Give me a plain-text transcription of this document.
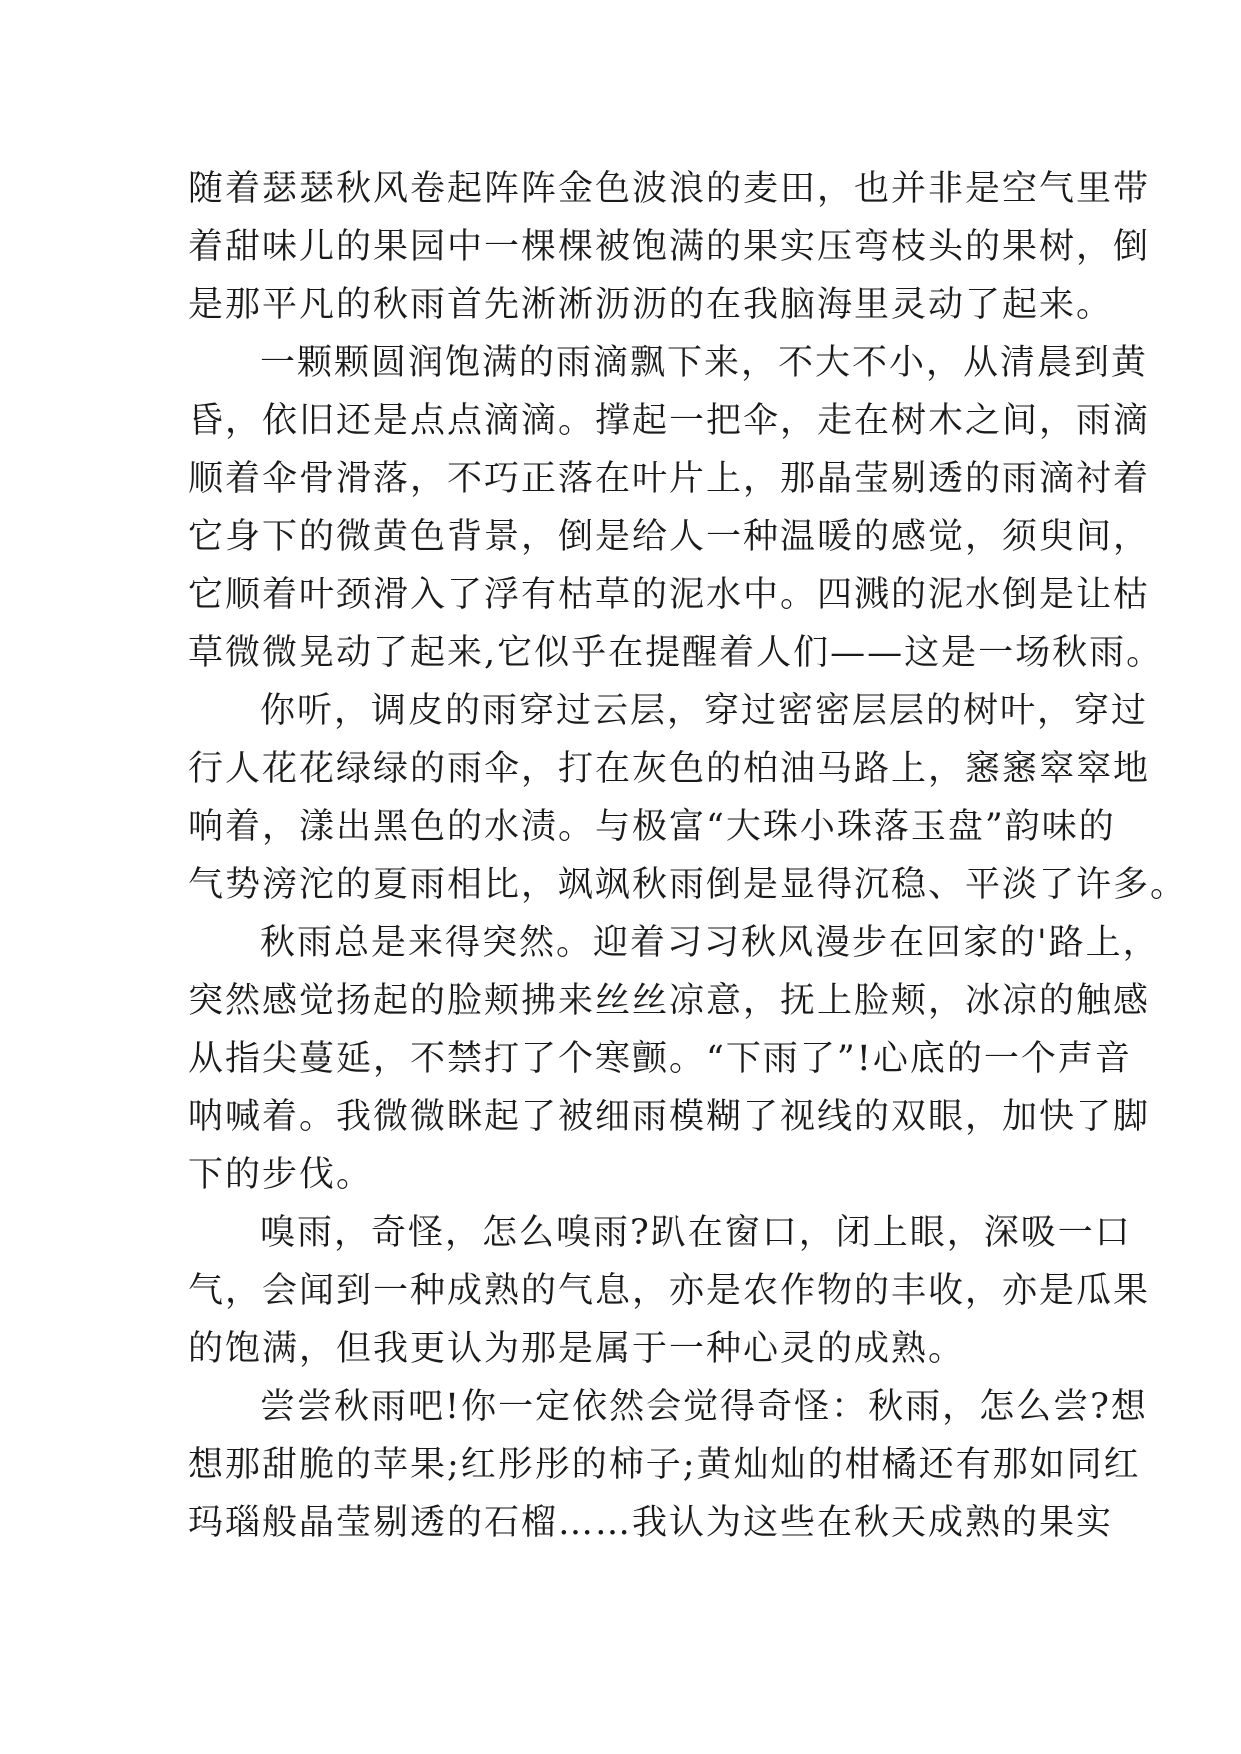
随着瑟瑟秋风卷起阵阵金色波浪的麦田，也并非是空气里带
着甜味儿的果园中一棵棵被饱满的果实压弯枝头的果树，倒
是那平凡的秋雨首先淅淅沥沥的在我脑海里灵动了起来。
一颗颗圆润饱满的雨滴飘下来，不大不小，从清晨到黄
昏，依旧还是点点滴滴。撑起一把伞，走在树木之间，雨滴
顺着伞骨滑落，不巧正落在叶片上，那晶莹剔透的雨滴衬着
它身下的微黄色背景，倒是给人一种温暖的感觉，须臾间，
它顺着叶颈滑入了浮有枯草的泥水中。四溅的泥水倒是让枯
草微微晃动了起来,它似乎在提醒着人们——这是一场秋雨。
你听，调皮的雨穿过云层，穿过密密层层的树叶，穿过
行人花花绿绿的雨伞，打在灰色的柏油马路上，窸窸窣窣地
响着，漾出黑色的水渍。与极富“大珠小珠落玉盘”韵味的
气势滂沱的夏雨相比，飒飒秋雨倒是显得沉稳、平淡了许多。
秋雨总是来得突然。迎着习习秋风漫步在回家的'路上，
突然感觉扬起的脸颊拂来丝丝凉意，抚上脸颊，冰凉的触感
从指尖蔓延，不禁打了个寒颤。“下雨了”!心底的一个声音
呐喊着。我微微眯起了被细雨模糊了视线的双眼，加快了脚
下的步伐。
嗅雨，奇怪，怎么嗅雨?趴在窗口，闭上眼，深吸一口
气，会闻到一种成熟的气息，亦是农作物的丰收，亦是瓜果
的饱满，但我更认为那是属于一种心灵的成熟。
尝尝秋雨吧!你一定依然会觉得奇怪：秋雨，怎么尝?想
想那甜脆的苹果;红彤彤的柿子;黄灿灿的柑橘还有那如同红
玛瑙般晶莹剔透的石榴……我认为这些在秋天成熟的果实
